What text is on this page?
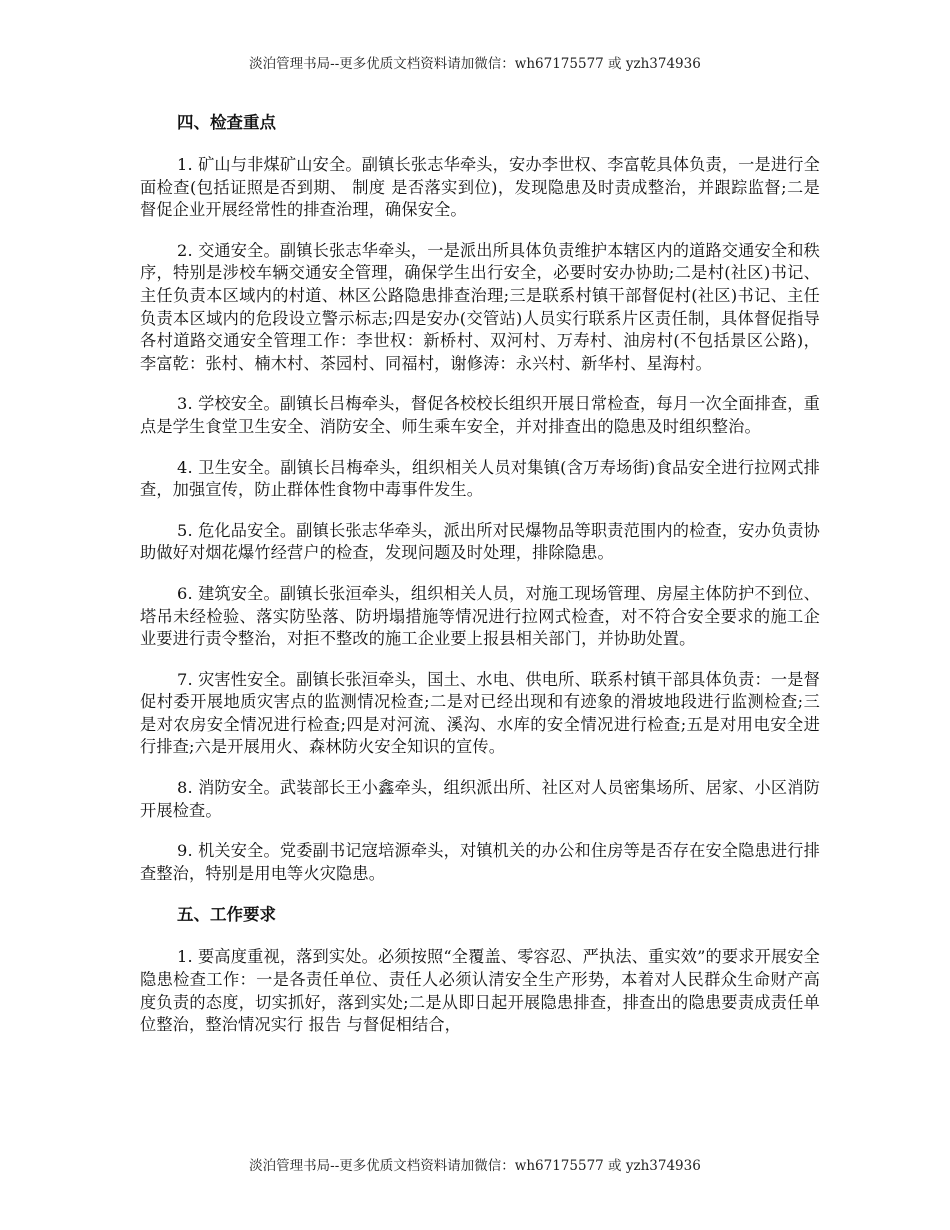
淡泊管理书局--更多优质文档资料请加微信：wh67175577 或 yzh374936
四、检查重点

1. 矿山与非煤矿山安全。副镇长张志华牵头，安办李世权、李富乾具体负责，一是进行全面检查(包括证照是否到期、 制度 是否落实到位)，发现隐患及时责成整治，并跟踪监督;二是督促企业开展经常性的排查治理，确保安全。

2. 交通安全。副镇长张志华牵头，一是派出所具体负责维护本辖区内的道路交通安全和秩序，特别是涉校车辆交通安全管理，确保学生出行安全，必要时安办协助;二是村(社区)书记、主任负责本区域内的村道、林区公路隐患排查治理;三是联系村镇干部督促村(社区)书记、主任负责本区域内的危段设立警示标志;四是安办(交管站)人员实行联系片区责任制，具体督促指导各村道路交通安全管理工作：李世权：新桥村、双河村、万寿村、油房村(不包括景区公路)，李富乾：张村、楠木村、茶园村、同福村，谢修涛：永兴村、新华村、星海村。

3. 学校安全。副镇长吕梅牵头，督促各校校长组织开展日常检查，每月一次全面排查，重点是学生食堂卫生安全、消防安全、师生乘车安全，并对排查出的隐患及时组织整治。

4. 卫生安全。副镇长吕梅牵头，组织相关人员对集镇(含万寿场街)食品安全进行拉网式排查，加强宣传，防止群体性食物中毒事件发生。

5. 危化品安全。副镇长张志华牵头，派出所对民爆物品等职责范围内的检查，安办负责协助做好对烟花爆竹经营户的检查，发现问题及时处理，排除隐患。

6. 建筑安全。副镇长张洹牵头，组织相关人员，对施工现场管理、房屋主体防护不到位、塔吊未经检验、落实防坠落、防坍塌措施等情况进行拉网式检查，对不符合安全要求的施工企业要进行责令整治，对拒不整改的施工企业要上报县相关部门，并协助处置。

7. 灾害性安全。副镇长张洹牵头，国土、水电、供电所、联系村镇干部具体负责：一是督促村委开展地质灾害点的监测情况检查;二是对已经出现和有迹象的滑坡地段进行监测检查;三是对农房安全情况进行检查;四是对河流、溪沟、水库的安全情况进行检查;五是对用电安全进行排查;六是开展用火、森林防火安全知识的宣传。

8. 消防安全。武装部长王小鑫牵头，组织派出所、社区对人员密集场所、居家、小区消防开展检查。

9. 机关安全。党委副书记寇培源牵头，对镇机关的办公和住房等是否存在安全隐患进行排查整治，特别是用电等火灾隐患。

五、工作要求

1. 要高度重视，落到实处。必须按照“全覆盖、零容忍、严执法、重实效”的要求开展安全隐患检查工作：一是各责任单位、责任人必须认清安全生产形势，本着对人民群众生命财产高度负责的态度，切实抓好，落到实处;二是从即日起开展隐患排查，排查出的隐患要责成责任单位整治，整治情况实行 报告 与督促相结合，

淡泊管理书局--更多优质文档资料请加微信：wh67175577 或 yzh374936
